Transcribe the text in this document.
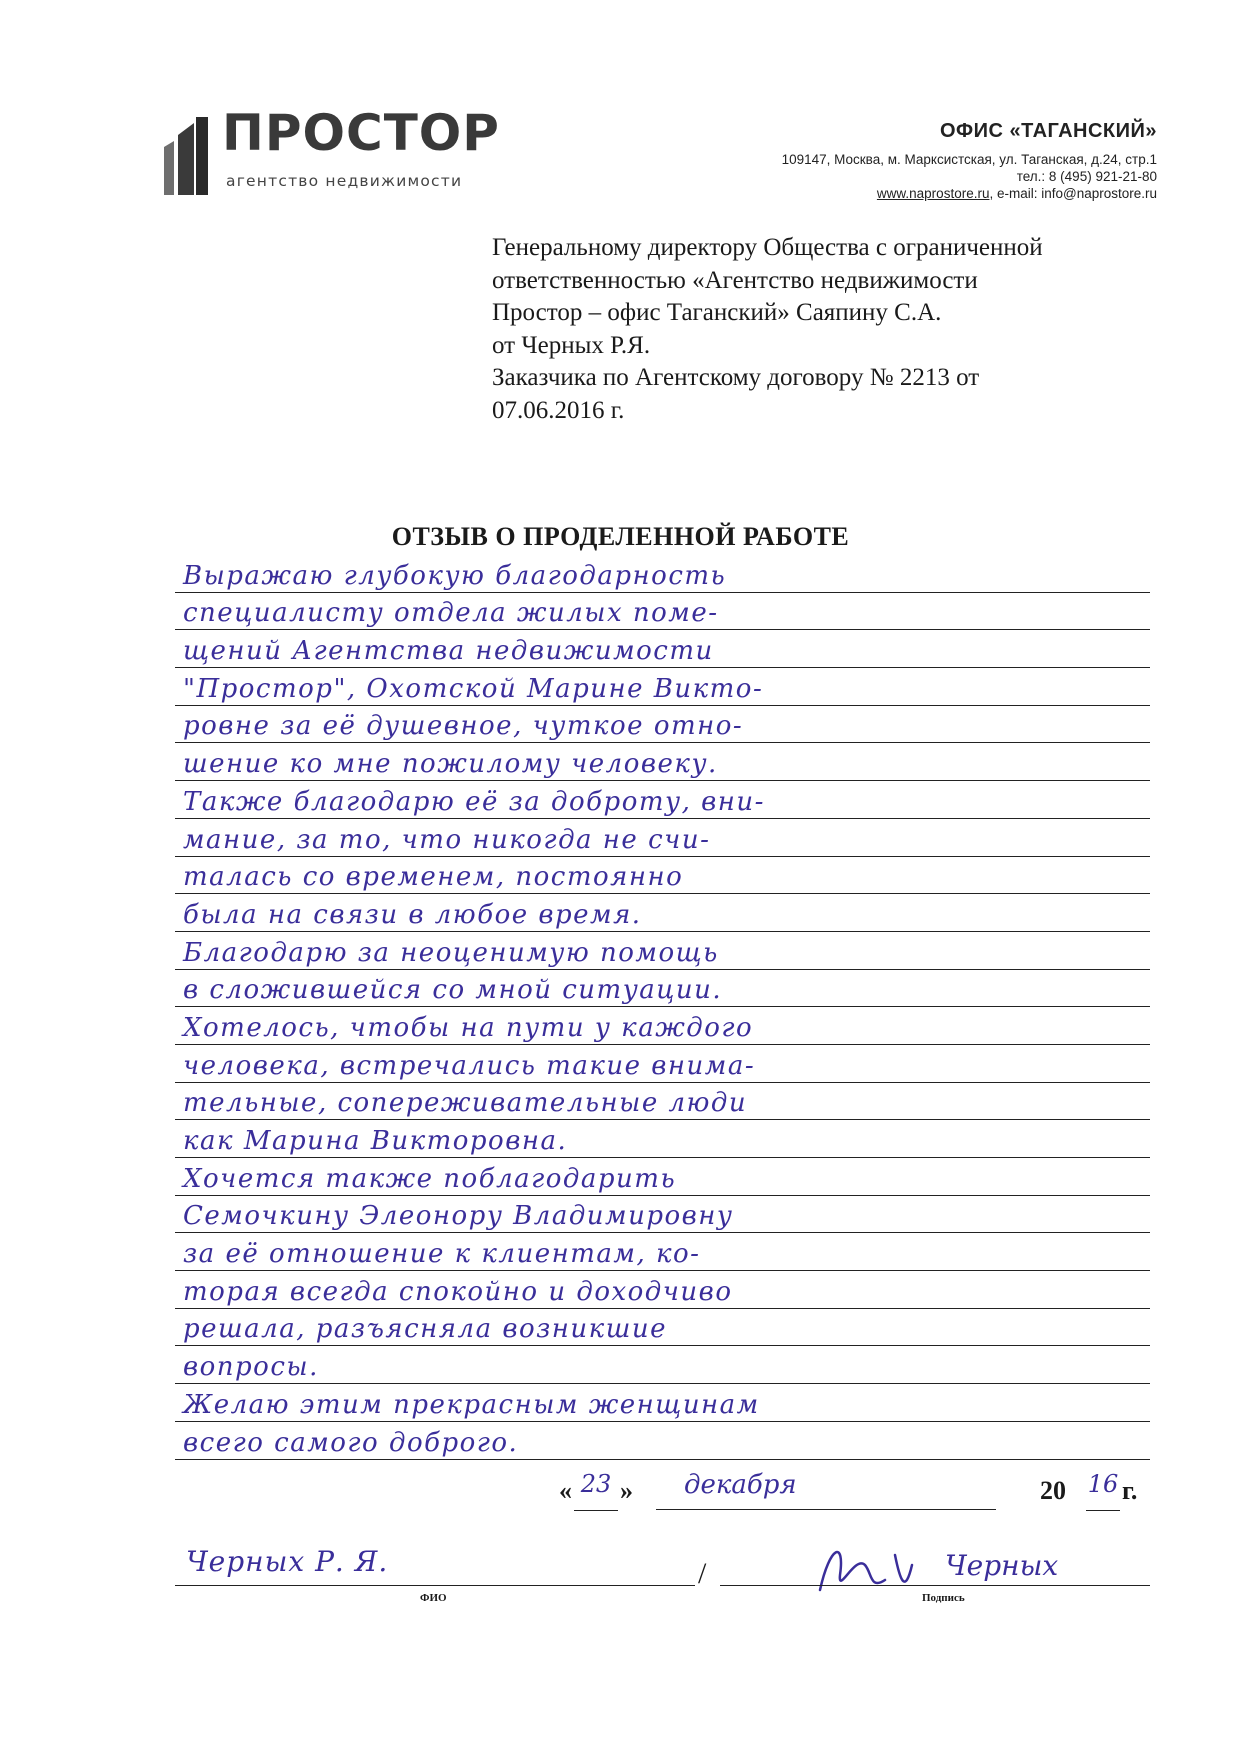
ПРОСТОР
агентство недвижимости
ОФИС «ТАГАНСКИЙ»
109147, Москва, м. Марксистская, ул. Таганская, д.24, стр.1
тел.: 8 (495) 921-21-80
www.naprostore.ru, e-mail: info@naprostore.ru
Генеральному директору Общества с ограниченной
ответственностью «Агентство недвижимости
Простор – офис Таганский» Саяпину С.А.
от Черных Р.Я.
Заказчика по Агентскому договору № 2213 от
07.06.2016 г.
ОТЗЫВ О ПРОДЕЛЕННОЙ РАБОТЕ
Выражаю глубокую благодарность
специалисту отдела жилых поме-
щений Агентства недвижимости
"Простор", Охотской Марине Викто-
ровне за её душевное, чуткое отно-
шение ко мне пожилому человеку.
Также благодарю её за доброту, вни-
мание, за то, что никогда не счи-
талась со временем, постоянно
была на связи в любое время.
Благодарю за неоценимую помощь
в сложившейся со мной ситуации.
Хотелось, чтобы на пути у каждого
человека, встречались такие внима-
тельные, сопереживательные люди
как Марина Викторовна.
Хочется также поблагодарить
Семочкину Элеонору Владимировну
за её отношение к клиентам, ко-
торая всегда спокойно и доходчиво
решала, разъясняла возникшие
вопросы.
Желаю этим прекрасным женщинам
всего самого доброго.
« 23 »	декабря	20 16 г.
Черных Р. Я.
ФИО
/	Черных
Подпись
